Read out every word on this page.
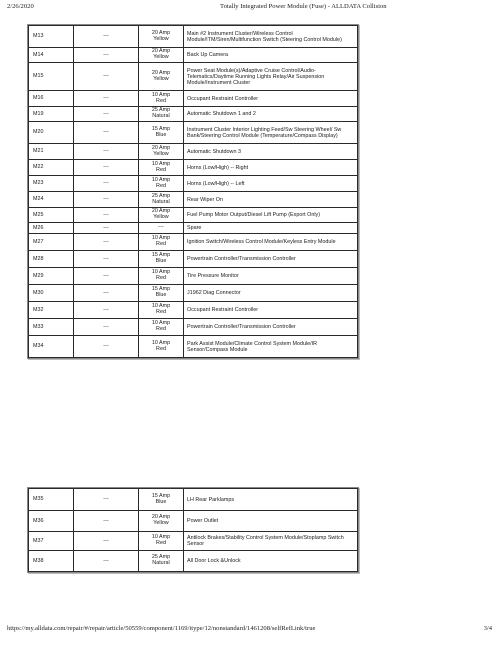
2/26/2020	Totally Integrated Power Module (Fuse) - ALLDATA Collision
M13	---	20 Amp
Yellow	Main #2 Instrument Cluster/Wireless Control Module/ITM/Siren/Multifunction Switch (Steering Control Module)
M14	---	20 Amp
Yellow	Back Up Camera
M15	---	20 Amp
Yellow	Power Seat Module(s)/Adaptive Cruise Control/Audio-Telematics/Daytime Running Lights Relay/Air Suspension Module/Instrument Cluster
M16	---	10 Amp
Red	Occupant Restraint Controller
M19	---	25 Amp
Natural	Automatic Shutdown 1 and 2
M20	---	15 Amp
Blue	Instrument Cluster Interior Lighting Feed/Sw Steering Wheel/ Sw Bank/Steering Control Module (Temperature/Compass Display)
M21	---	20 Amp
Yellow	Automatic Shutdown 3
M22	---	10 Amp
Red	Horns (Low/High) -- Right
M23	---	10 Amp
Red	Horns (Low/High) -- Left
M24	---	25 Amp
Natural	Rear Wiper On
M25	---	20 Amp
Yellow	Fuel Pump Motor Output/Diesel Lift Pump (Export Only)
M26	---	---	Spare
M27	---	10 Amp
Red	Ignition Switch/Wireless Control Module/Keyless Entry Module
M28	---	15 Amp
Blue	Powertrain Controller/Transmission Controller
M29	---	10 Amp
Red	Tire Pressure Monitor
M30	---	15 Amp
Blue	J1962 Diag Connector
M32	---	10 Amp
Red	Occupant Restraint Controller
M33	---	10 Amp
Red	Powertrain Controller/Transmission Controller
M34	---	10 Amp
Red	Park Assist Module/Climate Control System Module/IR Sensor/Compass Module
M35	---	15 Amp
Blue	LH Rear Parklamps
M36	---	20 Amp
Yellow	Power Outlet
M37	---	10 Amp
Red	Antilock Brakes/Stability Control System Module/Stoplamp Switch Sensor
M38	---	25 Amp
Natural	All Door Lock &Unlock
https://my.alldata.com/repair/#/repair/article/50559/component/1169/itype/12/nonstandard/1461208/selfRefLink/true	3/4
